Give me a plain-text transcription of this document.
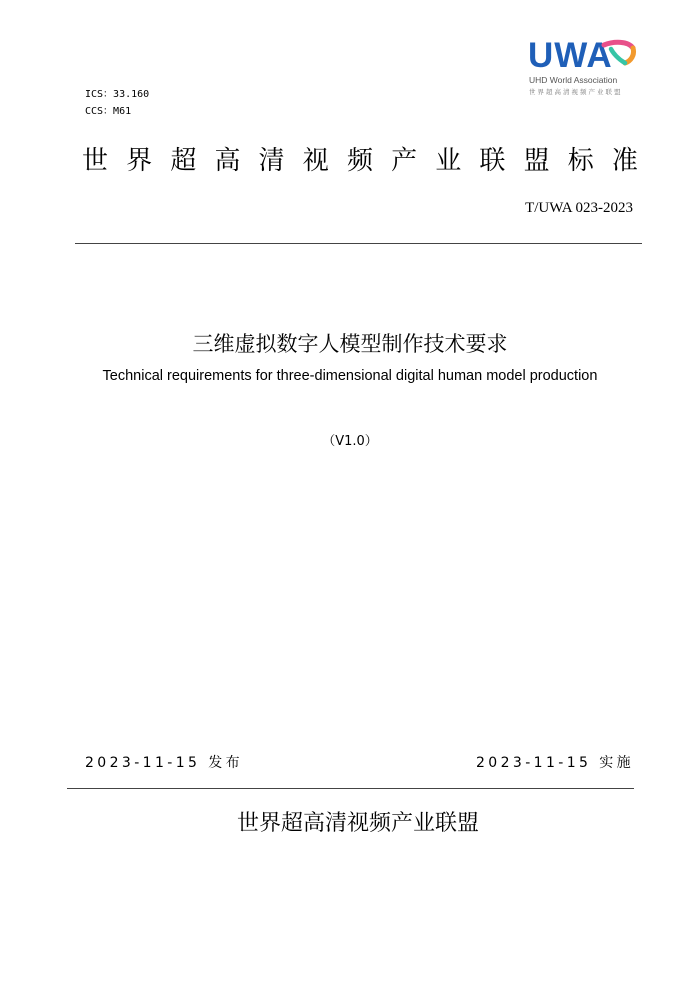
ICS：33.160
CCS：M61
UWA
UHD World Association
世界超高清视频产业联盟
世 界 超 高 清 视 频 产 业 联 盟 标 准
T/UWA 023-2023
三维虚拟数字人模型制作技术要求
Technical requirements for three-dimensional digital human model production
（V1.0）
2023-11-15 发布	2023-11-15 实施
世界超高清视频产业联盟
